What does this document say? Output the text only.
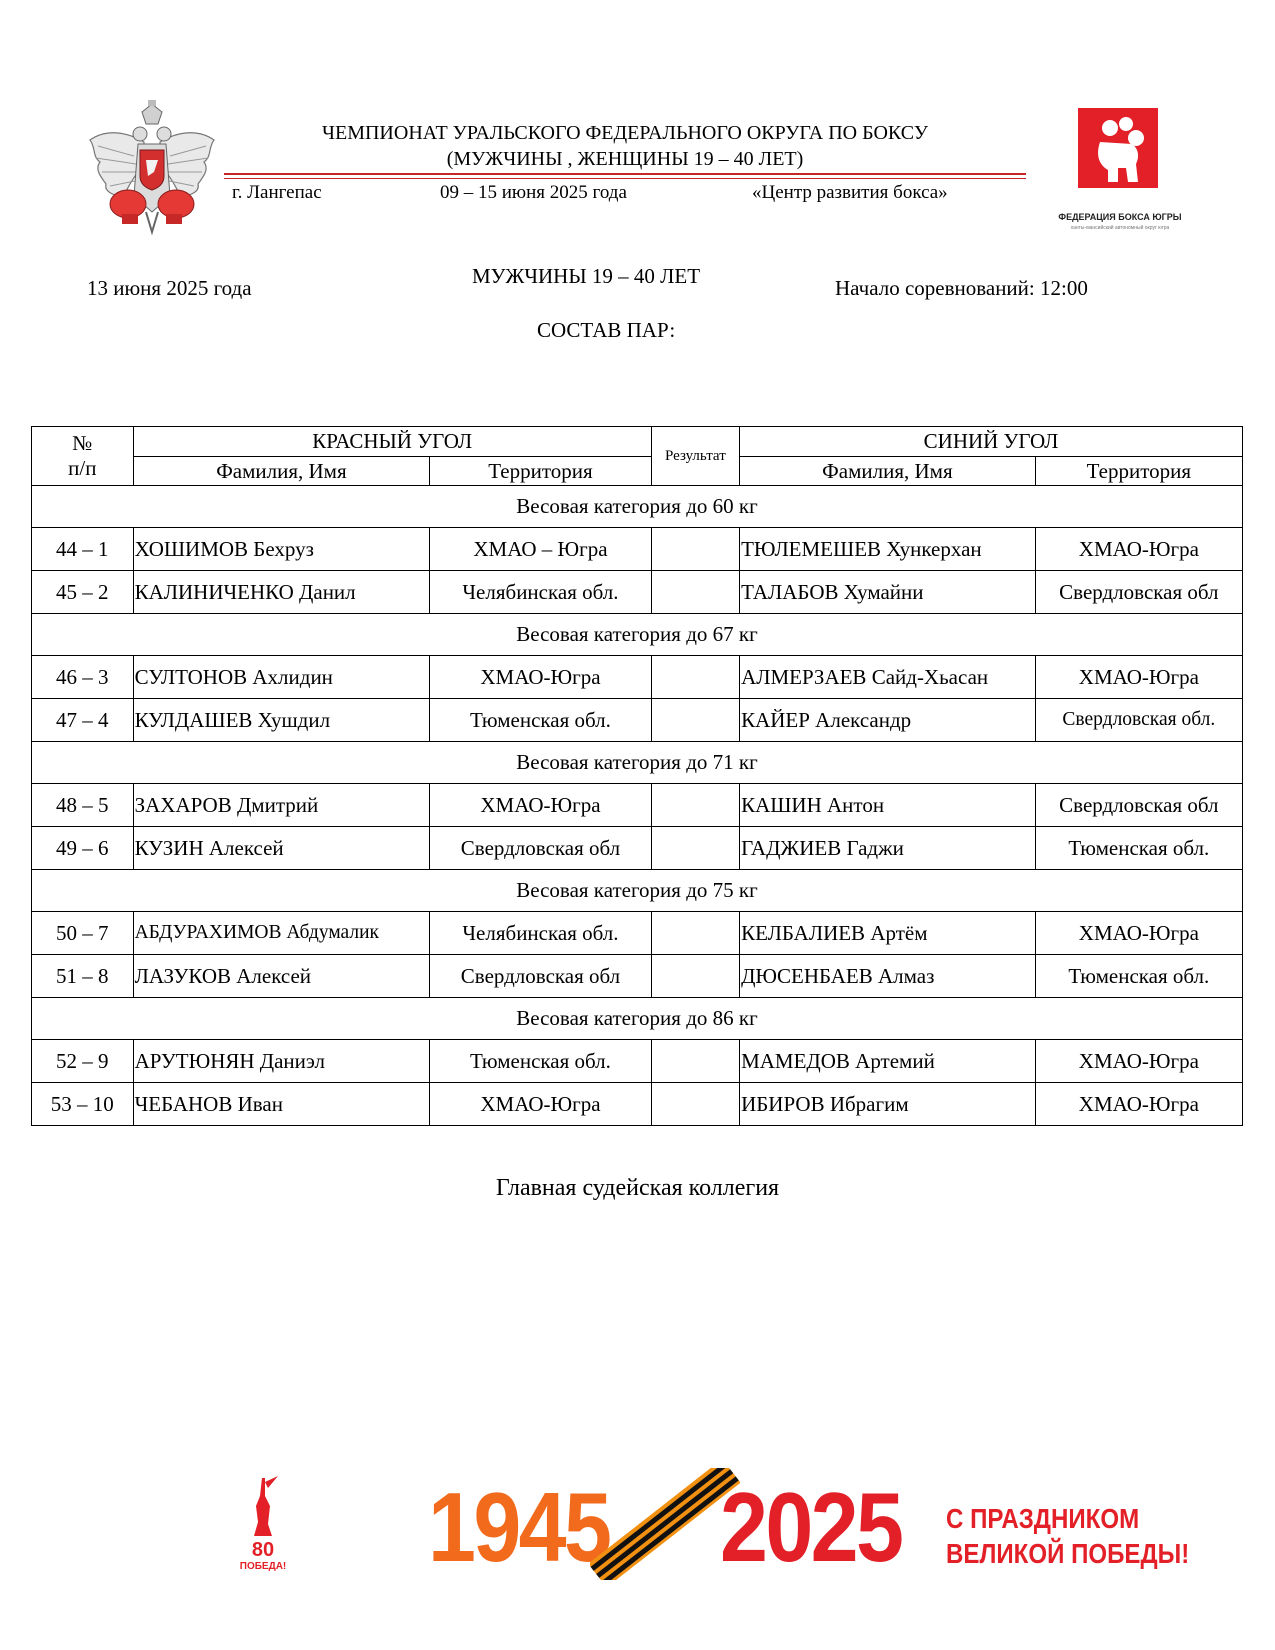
ЧЕМПИОНАТ УРАЛЬСКОГО ФЕДЕРАЛЬНОГО ОКРУГА ПО БОКСУ
(МУЖЧИНЫ , ЖЕНЩИНЫ 19 – 40 ЛЕТ)
г. Лангепас	09 – 15 июня 2025 года	«Центр развития бокса»
ФЕДЕРАЦИЯ БОКСА ЮГРЫ
ханты-мансийский автономный округ югра
13 июня 2025 года	МУЖЧИНЫ 19 – 40 ЛЕТ	Начало соревнований: 12:00
СОСТАВ ПАР:
№
п/п	КРАСНЫЙ УГОЛ		Результат	СИНИЙ УГОЛ	
	Фамилия, Имя	Территория		Фамилия, Имя	Территория
Весовая категория до 60 кг					
44 – 1	ХОШИМОВ Бехруз	ХМАО – Югра		ТЮЛЕМЕШЕВ Хункерхан	ХМАО-Югра
45 – 2	КАЛИНИЧЕНКО Данил	Челябинская обл.		ТАЛАБОВ Хумайни	Свердловская обл
Весовая категория до 67 кг					
46 – 3	СУЛТОНОВ Ахлидин	ХМАО-Югра		АЛМЕРЗАЕВ Сайд-Хьасан	ХМАО-Югра
47 – 4	КУЛДАШЕВ Хушдил	Тюменская обл.		КАЙЕР Александр	Свердловская обл.
Весовая категория до 71 кг					
48 – 5	ЗАХАРОВ Дмитрий	ХМАО-Югра		КАШИН Антон	Свердловская обл
49 – 6	КУЗИН Алексей	Свердловская обл		ГАДЖИЕВ Гаджи	Тюменская обл.
Весовая категория до 75 кг					
50 – 7	АБДУРАХИМОВ Абдумалик	Челябинская обл.		КЕЛБАЛИЕВ Артём	ХМАО-Югра
51 – 8	ЛАЗУКОВ Алексей	Свердловская обл		ДЮСЕНБАЕВ Алмаз	Тюменская обл.
Весовая категория до 86 кг					
52 – 9	АРУТЮНЯН Даниэл	Тюменская обл.		МАМЕДОВ Артемий	ХМАО-Югра
53 – 10	ЧЕБАНОВ Иван	ХМАО-Югра		ИБИРОВ Ибрагим	ХМАО-Югра
Главная судейская коллегия
80
ПОБЕДА! 1945 2025 С ПРАЗДНИКОМ
ВЕЛИКОЙ ПОБЕДЫ!
